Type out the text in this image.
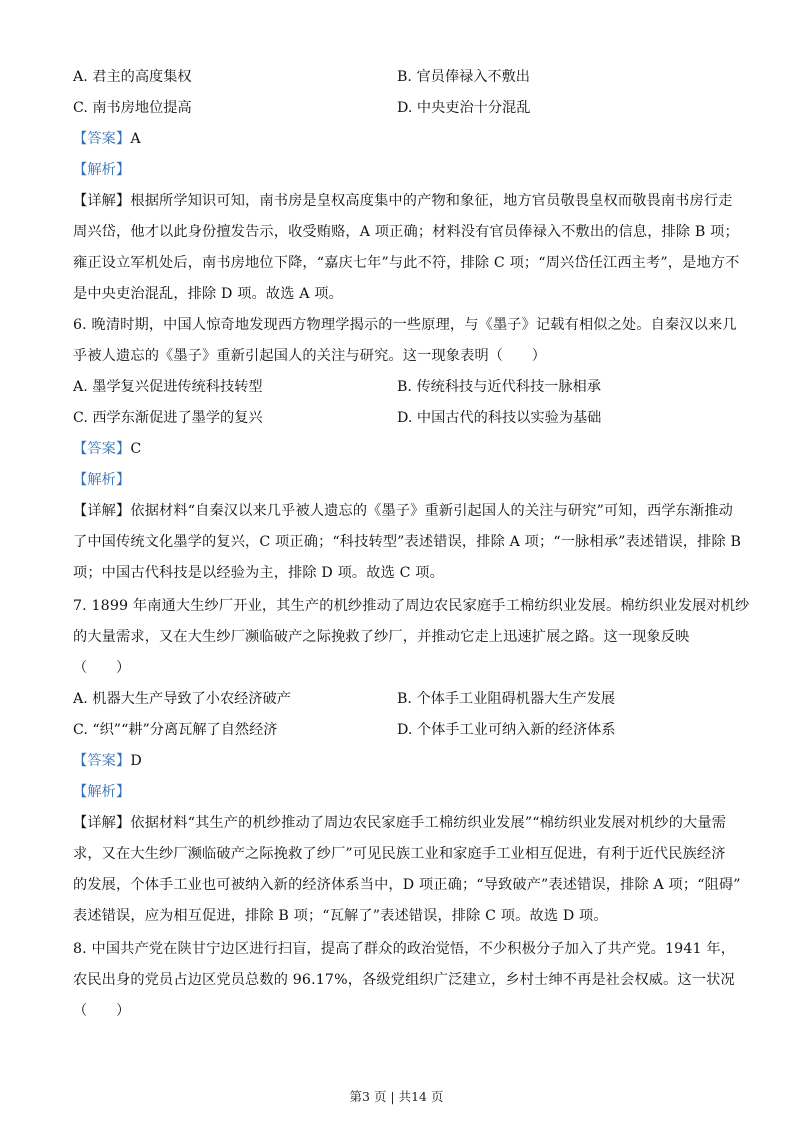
A. 君主的高度集权	B. 官员俸禄入不敷出
C. 南书房地位提高	D. 中央吏治十分混乱
【答案】A
【解析】
【详解】根据所学知识可知，南书房是皇权高度集中的产物和象征，地方官员敬畏皇权而敬畏南书房行走
周兴岱，他才以此身份擅发告示，收受贿赂，A 项正确；材料没有官员俸禄入不敷出的信息，排除 B 项；
雍正设立军机处后，南书房地位下降，“嘉庆七年”与此不符，排除 C 项；“周兴岱任江西主考”，是地方不
是中央吏治混乱，排除 D 项。故选 A 项。
6. 晚清时期，中国人惊奇地发现西方物理学揭示的一些原理，与《墨子》记载有相似之处。自秦汉以来几
乎被人遗忘的《墨子》重新引起国人的关注与研究。这一现象表明（　　）
A. 墨学复兴促进传统科技转型	B. 传统科技与近代科技一脉相承
C. 西学东渐促进了墨学的复兴	D. 中国古代的科技以实验为基础
【答案】C
【解析】
【详解】依据材料“自秦汉以来几乎被人遗忘的《墨子》重新引起国人的关注与研究”可知，西学东渐推动
了中国传统文化墨学的复兴，C 项正确；“科技转型”表述错误，排除 A 项；“一脉相承”表述错误，排除 B
项；中国古代科技是以经验为主，排除 D 项。故选 C 项。
7. 1899 年南通大生纱厂开业，其生产的机纱推动了周边农民家庭手工棉纺织业发展。棉纺织业发展对机纱
的大量需求，又在大生纱厂濒临破产之际挽救了纱厂，并推动它走上迅速扩展之路。这一现象反映
（　　）
A. 机器大生产导致了小农经济破产	B. 个体手工业阻碍机器大生产发展
C. “织”“耕”分离瓦解了自然经济	D. 个体手工业可纳入新的经济体系
【答案】D
【解析】
【详解】依据材料“其生产的机纱推动了周边农民家庭手工棉纺织业发展”“棉纺织业发展对机纱的大量需
求，又在大生纱厂濒临破产之际挽救了纱厂”可见民族工业和家庭手工业相互促进，有利于近代民族经济
的发展，个体手工业也可被纳入新的经济体系当中，D 项正确；“导致破产”表述错误，排除 A 项；“阻碍”
表述错误，应为相互促进，排除 B 项；“瓦解了”表述错误，排除 C 项。故选 D 项。
8. 中国共产党在陕甘宁边区进行扫盲，提高了群众的政治觉悟，不少积极分子加入了共产党。1941 年，
农民出身的党员占边区党员总数的 96.17%，各级党组织广泛建立，乡村士绅不再是社会权威。这一状况
（　　）
第3 页 | 共14 页
